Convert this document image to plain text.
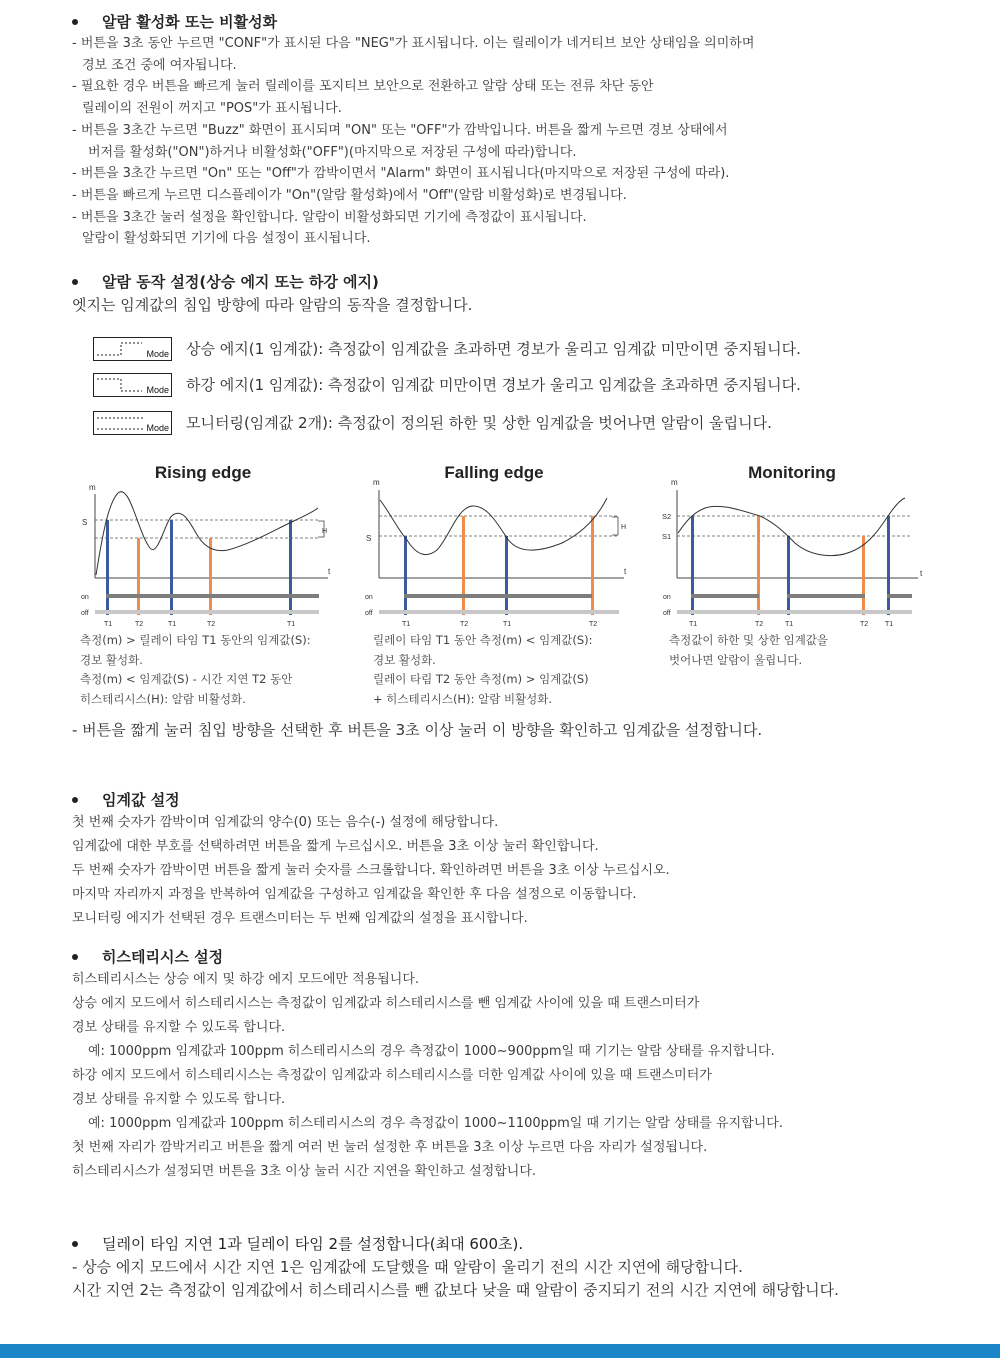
알람 활성화 또는 비활성화
- 버튼을 3초 동안 누르면 "CONF"가 표시된 다음 "NEG"가 표시됩니다. 이는 릴레이가 네거티브 보안 상태임을 의미하며
경보 조건 중에 여자됩니다.
- 필요한 경우 버튼을 빠르게 눌러 릴레이를 포지티브 보안으로 전환하고 알람 상태 또는 전류 차단 동안
릴레이의 전원이 꺼지고 "POS"가 표시됩니다.
- 버튼을 3초간 누르면 "Buzz" 화면이 표시되며 "ON" 또는 "OFF"가 깜박입니다. 버튼을 짧게 누르면 경보 상태에서
버저를 활성화("ON")하거나 비활성화("OFF")(마지막으로 저장된 구성에 따라)합니다.
- 버튼을 3초간 누르면 "On" 또는 "Off"가 깜박이면서 "Alarm" 화면이 표시됩니다(마지막으로 저장된 구성에 따라).
- 버튼을 빠르게 누르면 디스플레이가 "On"(알람 활성화)에서 "Off"(알람 비활성화)로 변경됩니다.
- 버튼을 3초간 눌러 설정을 확인합니다. 알람이 비활성화되면 기기에 측정값이 표시됩니다.
알람이 활성화되면 기기에 다음 설정이 표시됩니다.
알람 동작 설정(상승 에지 또는 하강 에지)
엣지는 임계값의 침입 방향에 따라 알람의 동작을 결정합니다.
Mode 상승 에지(1 임계값): 측정값이 임계값을 초과하면 경보가 울리고 임계값 미만이면 중지됩니다.
Mode 하강 에지(1 임계값): 측정값이 임계값 미만이면 경보가 울리고 임계값을 초과하면 중지됩니다.
Mode 모니터링(임계값 2개): 측정값이 정의된 하한 및 상한 임계값을 벗어나면 알람이 울립니다.
Rising edge	Falling edge	Monitoring
m
t
S
H
on
off
T1	T2	T1	T2	T1
m
t
S
H
on
off
T1	T2	T1	T2
m
t
S2
S1
on
off
T1	T2	T1	T2 T1
측정(m) > 릴레이 타임 T1 동안의 임계값(S):
경보 활성화.
측정(m) < 임계값(S) - 시간 지연 T2 동안
히스테리시스(H): 알람 비활성화.
릴레이 타임 T1 동안 측정(m) < 임계값(S):
경보 활성화.
릴레이 타림 T2 동안 측정(m) > 임계값(S)
+ 히스테리시스(H): 알람 비활성화.
측정값이 하한 및 상한 임계값을
벗어나면 알람이 울립니다.
- 버튼을 짧게 눌러 침입 방향을 선택한 후 버튼을 3초 이상 눌러 이 방향을 확인하고 임계값을 설정합니다.
임계값 설정
첫 번째 숫자가 깜박이며 임계값의 양수(0) 또는 음수(-) 설정에 해당합니다.
임계값에 대한 부호를 선택하려면 버튼을 짧게 누르십시오. 버튼을 3초 이상 눌러 확인합니다.
두 번째 숫자가 깜박이면 버튼을 짧게 눌러 숫자를 스크롤합니다. 확인하려면 버튼을 3초 이상 누르십시오.
마지막 자리까지 과정을 반복하여 임계값을 구성하고 임계값을 확인한 후 다음 설정으로 이동합니다.
모니터링 에지가 선택된 경우 트랜스미터는 두 번째 임계값의 설정을 표시합니다.
히스테리시스 설정
히스테리시스는 상승 에지 및 하강 에지 모드에만 적용됩니다.
상승 에지 모드에서 히스테리시스는 측정값이 임계값과 히스테리시스를 뺀 임계값 사이에 있을 때 트랜스미터가
경보 상태를 유지할 수 있도록 합니다.
예: 1000ppm 임계값과 100ppm 히스테리시스의 경우 측정값이 1000~900ppm일 때 기기는 알람 상태를 유지합니다.
하강 에지 모드에서 히스테리시스는 측정값이 임계값과 히스테리시스를 더한 임계값 사이에 있을 때 트랜스미터가
경보 상태를 유지할 수 있도록 합니다.
예: 1000ppm 임계값과 100ppm 히스테리시스의 경우 측정값이 1000~1100ppm일 때 기기는 알람 상태를 유지합니다.
첫 번째 자리가 깜박거리고 버튼을 짧게 여러 번 눌러 설정한 후 버튼을 3초 이상 누르면 다음 자리가 설정됩니다.
히스테리시스가 설정되면 버튼을 3초 이상 눌러 시간 지연을 확인하고 설정합니다.
딜레이 타임 지연 1과 딜레이 타임 2를 설정합니다(최대 600초).
- 상승 에지 모드에서 시간 지연 1은 임계값에 도달했을 때 알람이 울리기 전의 시간 지연에 해당합니다.
시간 지연 2는 측정값이 임계값에서 히스테리시스를 뺀 값보다 낮을 때 알람이 중지되기 전의 시간 지연에 해당합니다.
